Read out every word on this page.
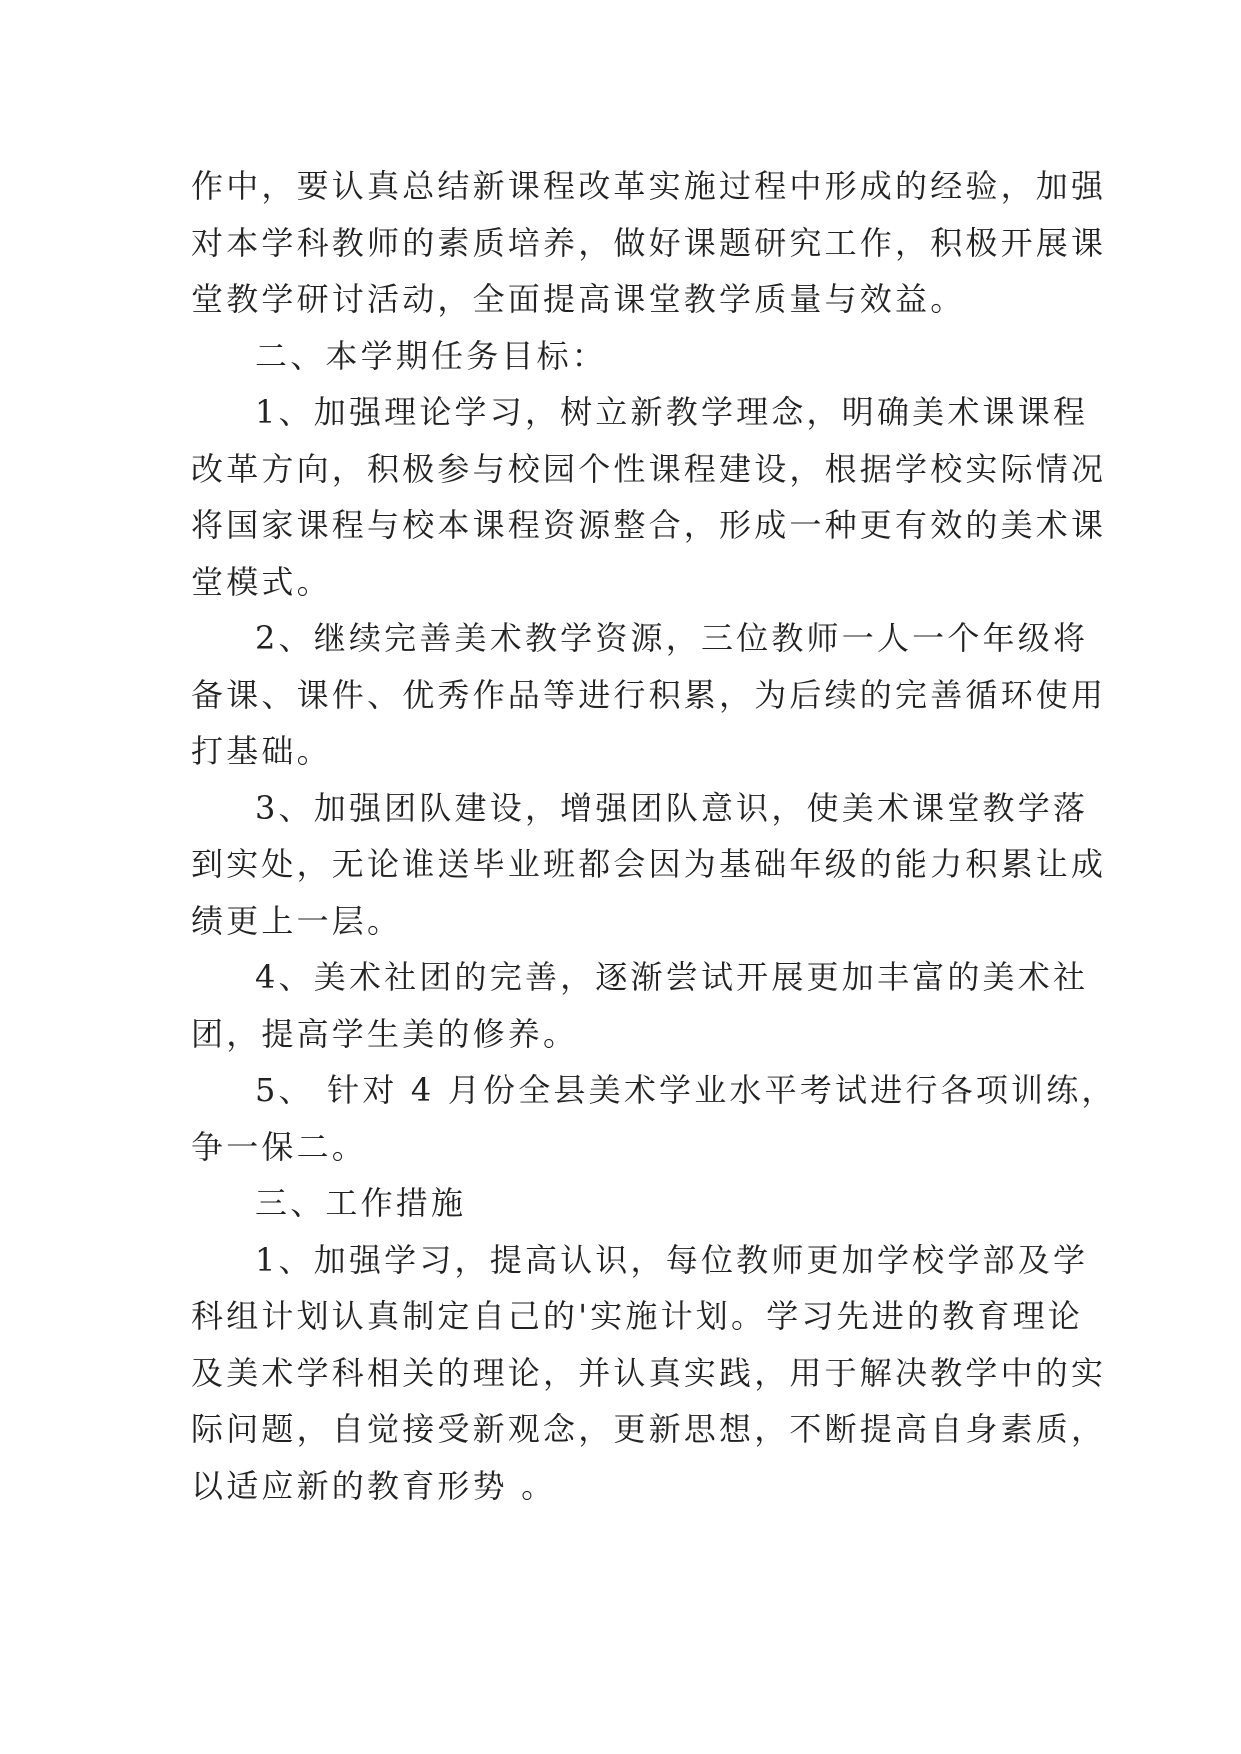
作中，要认真总结新课程改革实施过程中形成的经验，加强
对本学科教师的素质培养，做好课题研究工作，积极开展课
堂教学研讨活动，全面提高课堂教学质量与效益。
二、本学期任务目标：
1、加强理论学习，树立新教学理念，明确美术课课程
改革方向，积极参与校园个性课程建设，根据学校实际情况
将国家课程与校本课程资源整合，形成一种更有效的美术课
堂模式。
2、继续完善美术教学资源，三位教师一人一个年级将
备课、课件、优秀作品等进行积累，为后续的完善循环使用
打基础。
3、加强团队建设，增强团队意识，使美术课堂教学落
到实处，无论谁送毕业班都会因为基础年级的能力积累让成
绩更上一层。
4、美术社团的完善，逐渐尝试开展更加丰富的美术社
团，提高学生美的修养。
5、 针对 4 月份全县美术学业水平考试进行各项训练，
争一保二。
三、工作措施
1、加强学习，提高认识，每位教师更加学校学部及学
科组计划认真制定自己的'实施计划。学习先进的教育理论
及美术学科相关的理论，并认真实践，用于解决教学中的实
际问题，自觉接受新观念，更新思想，不断提高自身素质，
以适应新的教育形势 。
